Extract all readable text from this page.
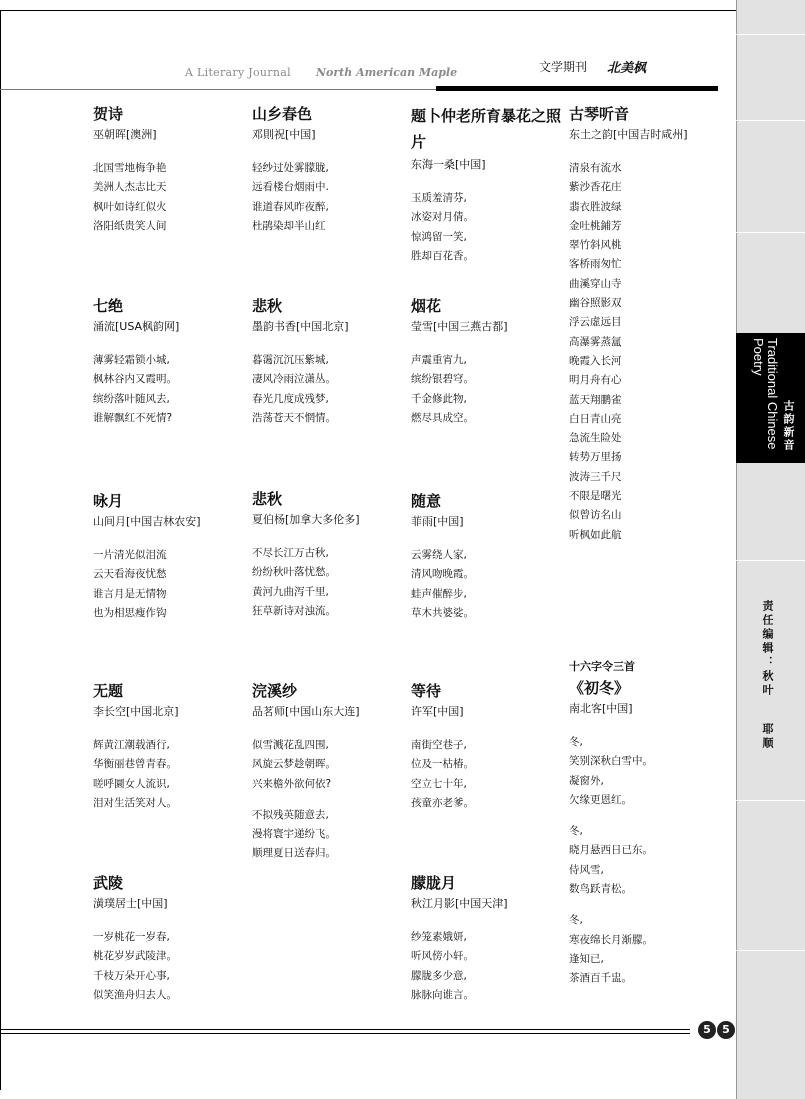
A Literary Journal North American Maple	文学期刊 北美枫
贺诗
巫朝晖[澳洲]
北国雪地梅争艳
美洲人杰志比天
枫叶如诗红似火
洛阳纸贵笑人间
山乡春色
邓則祝[中国]
轻纱过处雾朦胧,
远看楼台烟雨中.
谁道春风昨夜醉,
杜鹃染却半山红
题卜仲老所育暴花之照片
东海一桑[中国]
玉质羞清芬,
冰姿对月倩。
惊鸿留一笑,
胜却百花香。
古琴听音
东土之韵[中国吉时咸州]
清泉有流水
紫沙香花庄
翡衣胜波绿
金吐桃鋪芳
翠竹斜风桃
客桥雨匆忙
曲溪穿山寺
幽谷照影双
浮云虚远目
高瀑雾蒸氲
晚霞入长河
明月舟有心
蓝天翔鹏雀
白日青山亮
急流生险处
转势万里扬
波涛三千尺
不限是曙光
似曾访名山
听枫如此航
七绝
涌流[USA枫韵网]
薄雾轻霜锁小城,
枫林谷内又霞明。
缤纷落叶随风去,
谁解飘红不死情?
悲秋
墨韵书香[中国北京]
暮霭沉沉压紫城,
凄风冷雨泣潇丛。
春光几度成残梦,
浩荡苍天不惘情。
烟花
莹雪[中国三燕古都]
声震重宵九,
缤纷银碧穹。
千金修此物,
燃尽具成空。
咏月
山间月[中国吉林农安]
一片清光似泪流
云天看海夜忧愁
谁言月是无情物
也为相思瘦作钩
悲秋
夏伯杨[加拿大多伦多]
不尽长江万古秋,
纷纷秋叶落忧愁。
黄河九曲泻千里,
狂草新诗对浊流。
随意
菲雨[中国]
云雾绕人家,
清风吻晚霞。
蛙声催醉步,
草木共婆娑。
无题
李长空[中国北京]
辉黄江潮载酒行,
华衡丽巷曾青春。
嗟呼圜女人流识,
泪对生活笑对人。
浣溪纱
品茗师[中国山东大连]
似雪溅花乱四围,
风旋云梦趁朝晖。
兴来檐外欲何依?
不拟残英随意去,
漫将寰宇递纷飞。
顺理夏日送春归。
等待
许军[中国]
南街空巷子,
位及一枯椿。
空立七十年,
孩童亦老爹。
十六字令三首
《初冬》
南北客[中国]
冬,
笑别深秋白雪中。
凝窗外,
欠缘更恩红。
冬,
晓月悬西日已东。
侍风雪,
数鸟跃青松。
冬,
寒夜绵长月渐朦。
逢知已,
茶酒百千盅。
武陵
潢璞居士[中国]
一岁桃花一岁春,
桃花岁岁武陵津。
千枝万朵开心事,
似笑渔舟归去人。
朦胧月
秋江月影[中国天津]
纱笼素娥妍,
听风傍小轩。
朦胧多少意,
脉脉向谁言。
Traditional Chinese Poetry
古韵新音
责任编辑：秋叶 耶顺
5	5
